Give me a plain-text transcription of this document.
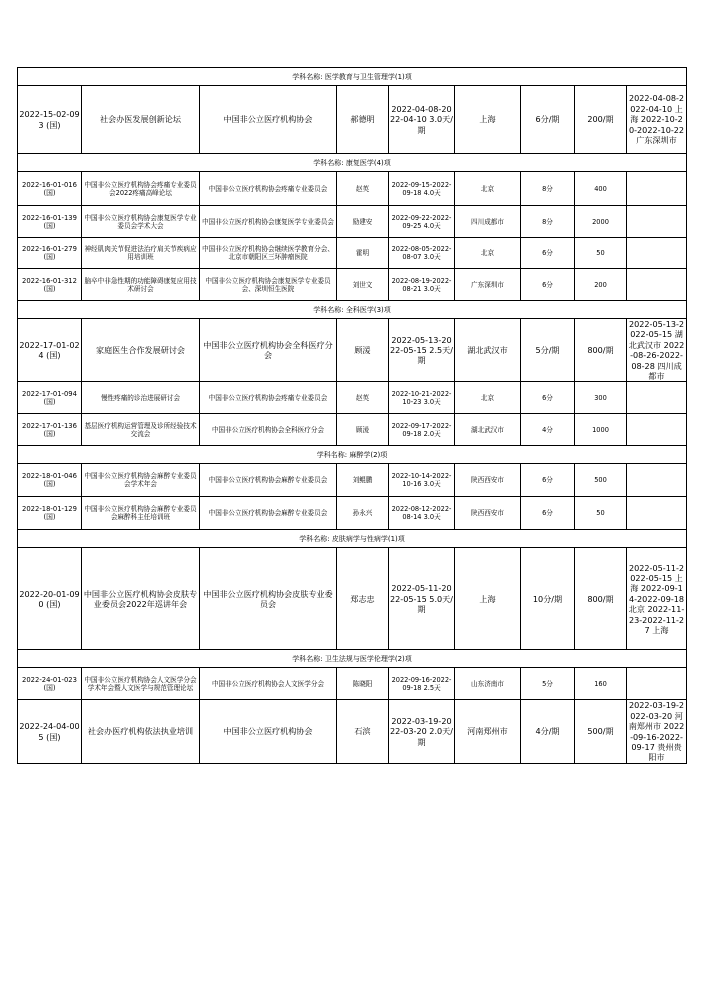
学科名称: 医学教育与卫生管理学(1)项								
2022-15-02-093 (国)	社会办医发展创新论坛	中国非公立医疗机构协会	郝德明	2022-04-08-2022-04-10 3.0天/期	上海	6分/期	200/期	2022-04-08-2022-04-10 上海 2022-10-20-2022-10-22 广东深圳市
学科名称: 康复医学(4)项								
2022-16-01-016 (国)	中国非公立医疗机构协会疼痛专业委员会2022疼痛高峰论坛	中国非公立医疗机构协会疼痛专业委员会	赵英	2022-09-15-2022-09-18 4.0天	北京	8分	400	
2022-16-01-139 (国)	中国非公立医疗机构协会康复医学专业委员会学术大会	中国非公立医疗机构协会康复医学专业委员会	励建安	2022-09-22-2022-09-25 4.0天	四川成都市	8分	2000	
2022-16-01-279 (国)	神经肌肉关节促进法治疗肩关节疾病应用培训班	中国非公立医疗机构协会继续医学教育分会、北京市朝阳区三环肿瘤医院	霍明	2022-08-05-2022-08-07 3.0天	北京	6分	50	
2022-16-01-312 (国)	脑卒中非急性期的功能障碍康复应用技术研讨会	中国非公立医疗机构协会康复医学专业委员会、深圳恒生医院	刘世文	2022-08-19-2022-08-21 3.0天	广东深圳市	6分	200	
学科名称: 全科医学(3)项								
2022-17-01-024 (国)	家庭医生合作发展研讨会	中国非公立医疗机构协会全科医疗分会	顾湲	2022-05-13-2022-05-15 2.5天/期	湖北武汉市	5分/期	800/期	2022-05-13-2022-05-15 湖北武汉市 2022-08-26-2022-08-28 四川成都市
2022-17-01-094 (国)	慢性疼痛的诊治进展研讨会	中国非公立医疗机构协会疼痛专业委员会	赵英	2022-10-21-2022-10-23 3.0天	北京	6分	300	
2022-17-01-136 (国)	基层医疗机构运营管理及诊所经验技术交流会	中国非公立医疗机构协会全科医疗分会	顾湲	2022-09-17-2022-09-18 2.0天	湖北武汉市	4分	1000	
学科名称: 麻醉学(2)项								
2022-18-01-046 (国)	中国非公立医疗机构协会麻醉专业委员会学术年会	中国非公立医疗机构协会麻醉专业委员会	刘鲲鹏	2022-10-14-2022-10-16 3.0天	陕西西安市	6分	500	
2022-18-01-129 (国)	中国非公立医疗机构协会麻醉专业委员会麻醉科主任培训班	中国非公立医疗机构协会麻醉专业委员会	孙永兴	2022-08-12-2022-08-14 3.0天	陕西西安市	6分	50	
学科名称: 皮肤病学与性病学(1)项								
2022-20-01-090 (国)	中国非公立医疗机构协会皮肤专业委员会2022年巡讲年会	中国非公立医疗机构协会皮肤专业委员会	郑志忠	2022-05-11-2022-05-15 5.0天/期	上海	10分/期	800/期	2022-05-11-2022-05-15 上海 2022-09-14-2022-09-18 北京 2022-11-23-2022-11-27 上海
学科名称: 卫生法规与医学伦理学(2)项								
2022-24-01-023 (国)	中国非公立医疗机构协会人文医学分会学术年会暨人文医学与规范管理论坛	中国非公立医疗机构协会人文医学分会	陈晓阳	2022-09-16-2022-09-18 2.5天	山东济南市	5分	160	
2022-24-04-005 (国)	社会办医疗机构依法执业培训	中国非公立医疗机构协会	石滨	2022-03-19-2022-03-20 2.0天/期	河南郑州市	4分/期	500/期	2022-03-19-2022-03-20 河南郑州市 2022-09-16-2022-09-17 贵州贵阳市
